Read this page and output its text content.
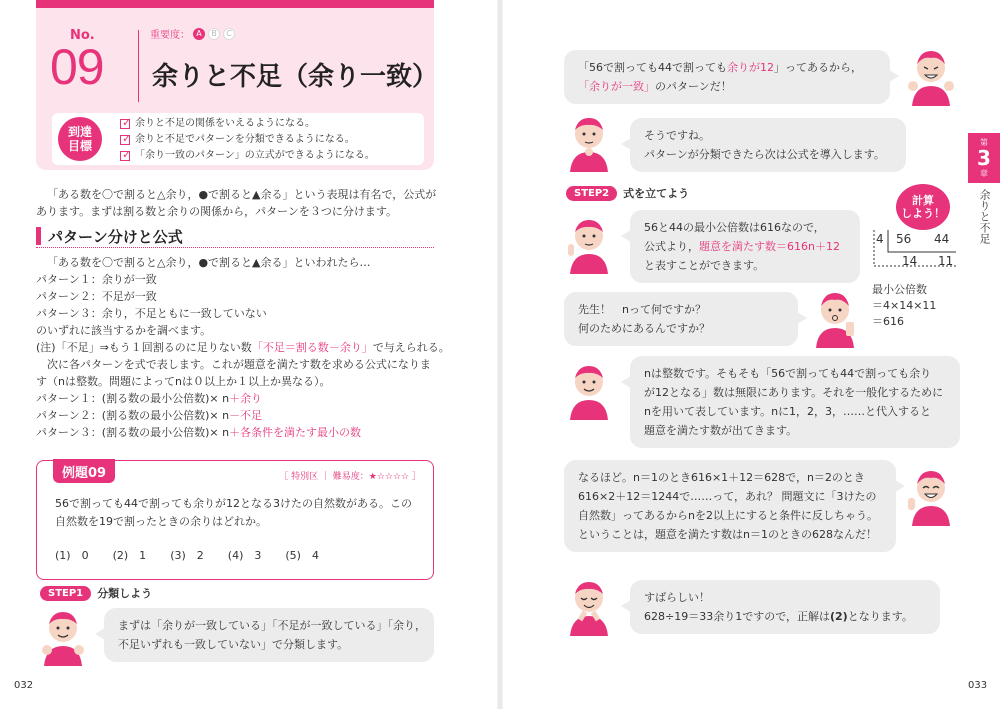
No.
09
重要度： A	B	C
余りと不足（余り一致）
到達
目標
✓
余りと不足の関係をいえるようになる。
✓
余りと不足でパターンを分類できるようになる。
✓
「余り一致のパターン」の立式ができるようになる。
「ある数を〇で割ると△余り，●で割ると▲余る」という表現は有名で，公式が
あります。まずは割る数と余りの関係から，パターンを３つに分けます。
パターン分けと公式
「ある数を〇で割ると△余り，●で割ると▲余る」といわれたら…
パターン１：余りが一致
パターン２：不足が一致
パターン３：余り，不足ともに一致していない
のいずれに該当するかを調べます。
(注)「不足」⇒もう１回割るのに足りない数「不足＝割る数－余り」で与えられる。
次に各パターンを式で表します。これが題意を満たす数を求める公式になりま
す（nは整数。問題によってnは０以上か１以上か異なる）。
パターン１：(割る数の最小公倍数)× n＋余り
パターン２：(割る数の最小公倍数)× n－不足
パターン３：(割る数の最小公倍数)× n＋各条件を満たす最小の数
例題09	［ 特別区 ｜ 難易度：★☆☆☆☆ ］
56で割っても44で割っても余りが12となる3けたの自然数がある。この
自然数を19で割ったときの余りはどれか。
(1)　0 (2)　1 (3)　2 (4)　3 (5)　4
STEP1	分類しよう
まずは「余りが一致している」「不足が一致している」「余り，
不足いずれも一致していない」で分類します。
032
「56で割っても44で割っても余りが12」ってあるから，
「余りが一致」のパターンだ！
そうですね。
パターンが分類できたら次は公式を導入します。
STEP2	式を立てよう
56と44の最小公倍数は616なので，
公式より，題意を満たす数＝616n＋12
と表すことができます。
計算
しよう！
4 56 44
14 11
最小公倍数
＝4×14×11
＝616
先生！　nって何ですか？
何のためにあるんですか？
nは整数です。そもそも「56で割っても44で割っても余り
が12となる」数は無限にあります。それを一般化するために
nを用いて表しています。nに1，2，3，……と代入すると
題意を満たす数が出てきます。
なるほど。n＝1のとき616×1＋12＝628で，n＝2のとき
616×2＋12＝1244で……って，あれ？ 問題文に「3けたの
自然数」ってあるからnを2以上にすると条件に反しちゃう。
ということは，題意を満たす数はn＝1のときの628なんだ！
すばらしい！
628÷19＝33余り1ですので，正解は(2)となります。
第
3
章
余りと不足
033
